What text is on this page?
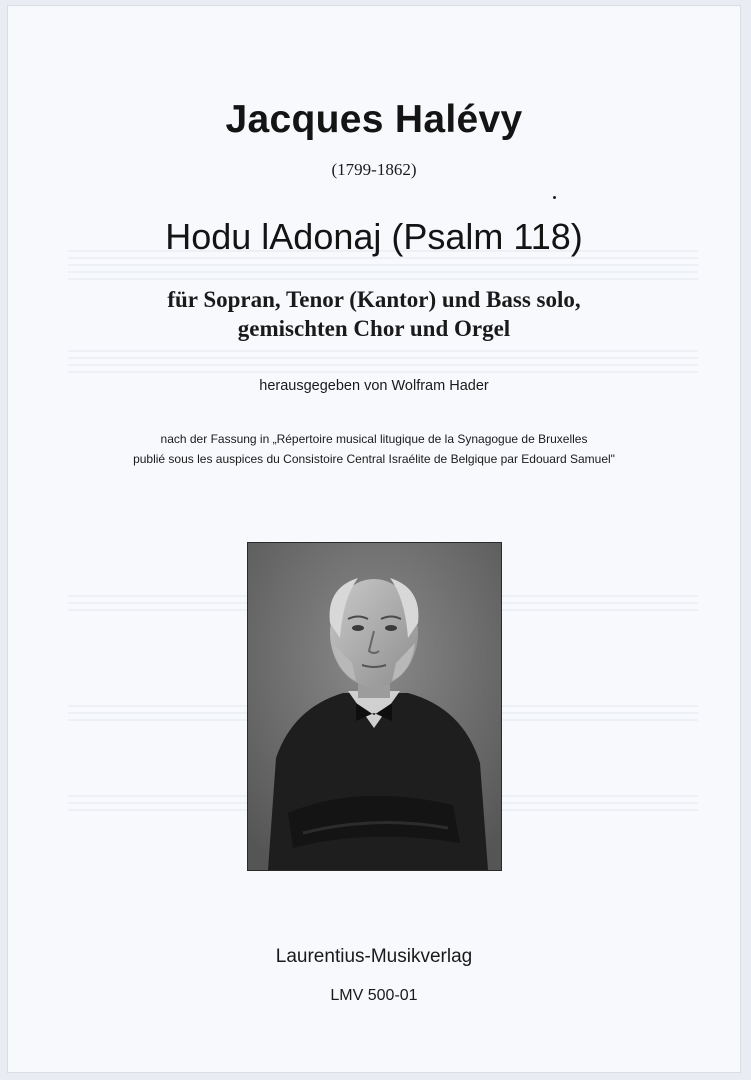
Jacques Halévy
(1799-1862)
Hodu lAdonaj (Psalm 118)
für Sopran, Tenor (Kantor) und Bass solo,
gemischten Chor und Orgel
herausgegeben von Wolfram Hader
nach der Fassung in „Répertoire musical litugique de la Synagogue de Bruxelles
publié sous les auspices du Consistoire Central Israélite de Belgique par Edouard Samuel"
Laurentius-Musikverlag
LMV 500-01
